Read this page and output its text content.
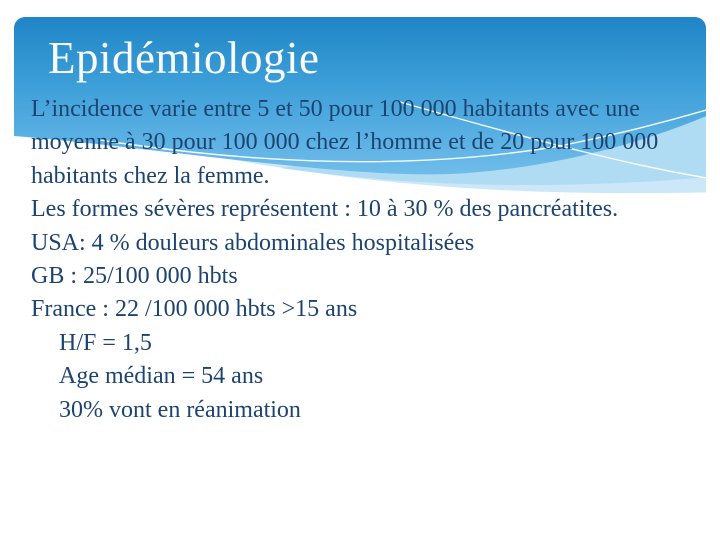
Epidémiologie
L’incidence varie entre 5 et 50 pour 100 000 habitants avec une
moyenne à 30 pour 100 000 chez l’homme et de 20 pour 100 000
habitants chez la femme.
Les formes sévères représentent : 10 à 30 % des pancréatites.
USA: 4 % douleurs abdominales hospitalisées
GB : 25/100 000 hbts
France : 22 /100 000 hbts >15 ans
H/F = 1,5
Age médian = 54 ans
30% vont en réanimation
